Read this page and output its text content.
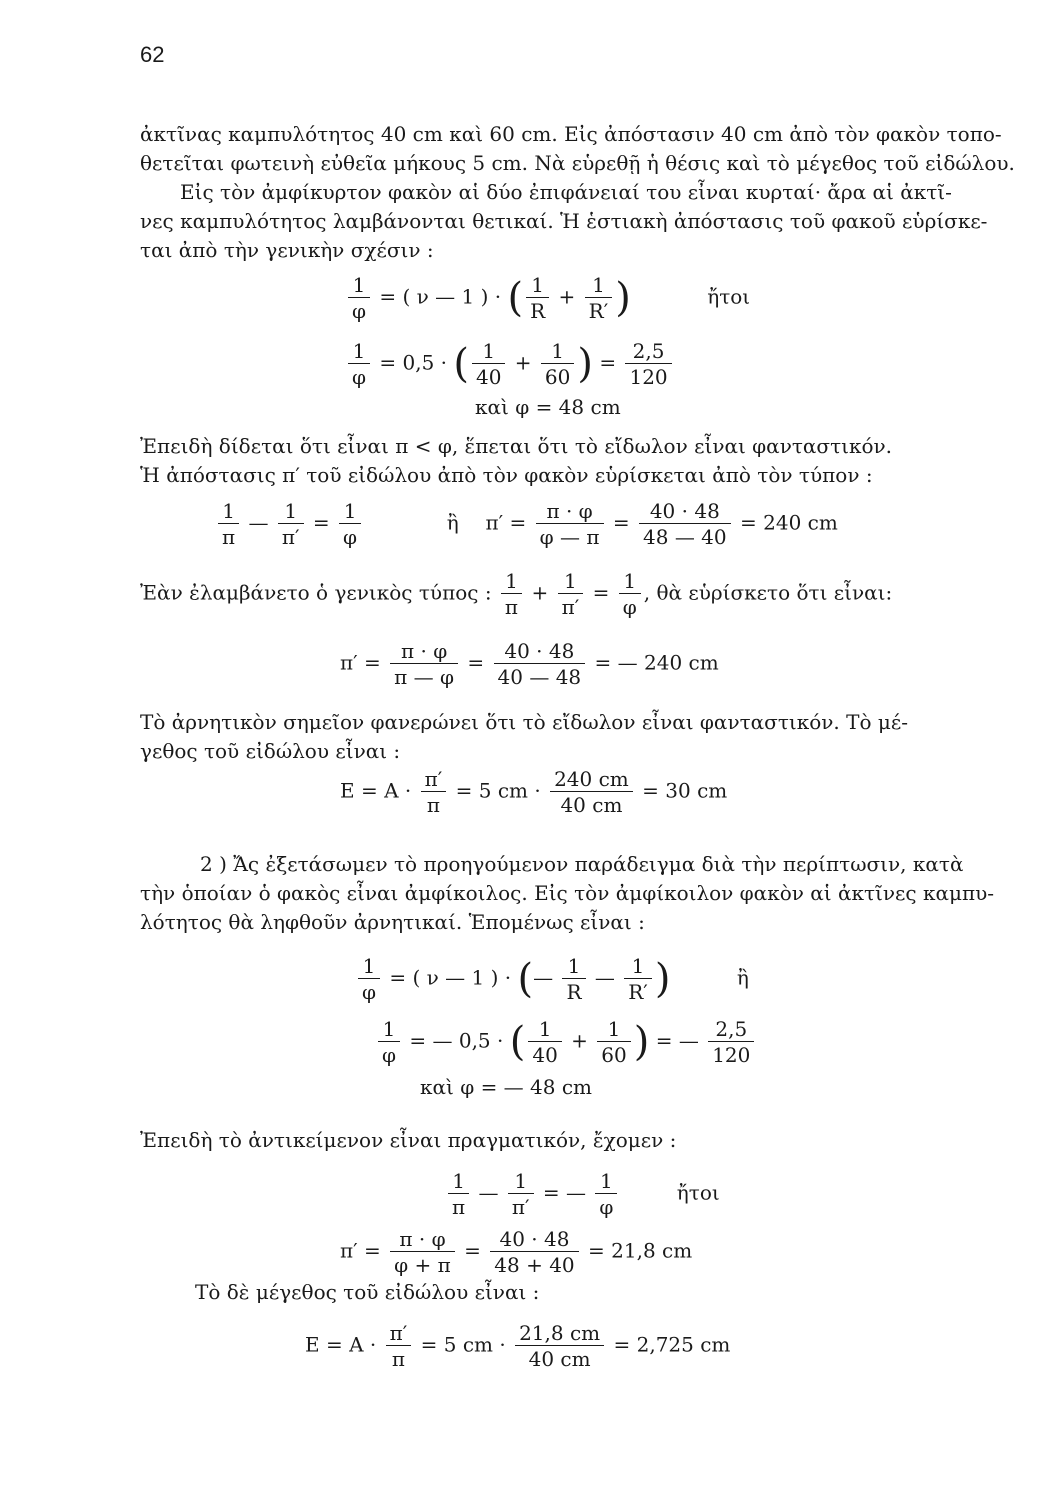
62
ἀκτῖνας καμπυλότητος 40 cm καὶ 60 cm. Εἰς ἀπόστασιν 40 cm ἀπὸ τὸν φακὸν τοπο-
θετεῖται φωτεινὴ εὐθεῖα μήκους 5 cm. Νὰ εὑρεθῇ ἡ θέσις καὶ τὸ μέγεθος τοῦ εἰδώλου.
Εἰς τὸν ἀμφίκυρτον φακὸν αἱ δύο ἐπιφάνειαί του εἶναι κυρταί· ἄρα αἱ ἀκτῖ-
νες καμπυλότητος λαμβάνονται θετικαί. Ἡ ἑστιακὴ ἀπόστασις τοῦ φακοῦ εὑρίσκε-
ται ἀπὸ τὴν γενικὴν σχέσιν :
$\frac{1}{\varphi}$ = ( ν — 1 ) · ( $\frac{1}{R} + \frac{1}{R'}$ )	ἤτοι
$\frac{1}{\varphi} = 0,5$ · ( $\frac{1}{40} + \frac{1}{60}$ ) = $\frac{2,5}{120}$
καὶ φ = 48 cm
Ἐπειδὴ δίδεται ὅτι εἶναι π < φ, ἕπεται ὅτι τὸ εἴδωλον εἶναι φανταστικόν.
Ἡ ἀπόστασις π′ τοῦ εἰδώλου ἀπὸ τὸν φακὸν εὑρίσκεται ἀπὸ τὸν τύπον :
$\frac{1}{\pi}$ — $\frac{1}{\pi'} = \frac{1}{\varphi}$	ἢ $\pi' = \frac{\pi \cdot \varphi}{\varphi — \pi} = \frac{40 \cdot 48}{48 — 40} = 240$ cm
Ἐὰν ἐλαμβάνετο ὁ γενικὸς τύπος : $\frac{1}{\pi} + \frac{1}{\pi'} = \frac{1}{\varphi}$ , θὰ εὑρίσκετο ὅτι εἶναι:
$\pi' = \frac{\pi \cdot \varphi}{\pi — \varphi} = \frac{40 \cdot 48}{40 — 48}$ = — 240 cm
Τὸ ἀρνητικὸν σημεῖον φανερώνει ὅτι τὸ εἴδωλον εἶναι φανταστικόν. Τὸ μέ-
γεθος τοῦ εἰδώλου εἶναι :
$E = A \cdot \frac{\pi'}{\pi} = 5$ cm · $\frac{240 cm}{40 cm} = 30$ cm
2 ) Ἄς ἐξετάσωμεν τὸ προηγούμενον παράδειγμα διὰ τὴν περίπτωσιν, κατὰ
τὴν ὁποίαν ὁ φακὸς εἶναι ἀμφίκοιλος. Εἰς τὸν ἀμφίκοιλον φακὸν αἱ ἀκτῖνες καμπυ-
λότητος θὰ ληφθοῦν ἀρνητικαί. Ἑπομένως εἶναι :
$\frac{1}{\varphi}$ = ( ν — 1 ) · (— $\frac{1}{R}$ — $\frac{1}{R'}$ )	ἢ
$\frac{1}{\varphi}$ = — 0,5 · ( $\frac{1}{40} + \frac{1}{60}$ ) = — $\frac{2,5}{120}$
καὶ φ = — 48 cm
Ἐπειδὴ τὸ ἀντικείμενον εἶναι πραγματικόν, ἔχομεν :
$\frac{1}{\pi}$ — $\frac{1}{\pi'}$ = — $\frac{1}{\varphi}$	ἤτοι
$\pi' = \frac{\pi \cdot \varphi}{\varphi + \pi} = \frac{40 \cdot 48}{48 + 40} = 21,8$ cm
Τὸ δὲ μέγεθος τοῦ εἰδώλου εἶναι :
$E = A \cdot \frac{\pi'}{\pi} = 5$ cm · $\frac{21,8 cm}{40 cm} = 2,725$ cm
